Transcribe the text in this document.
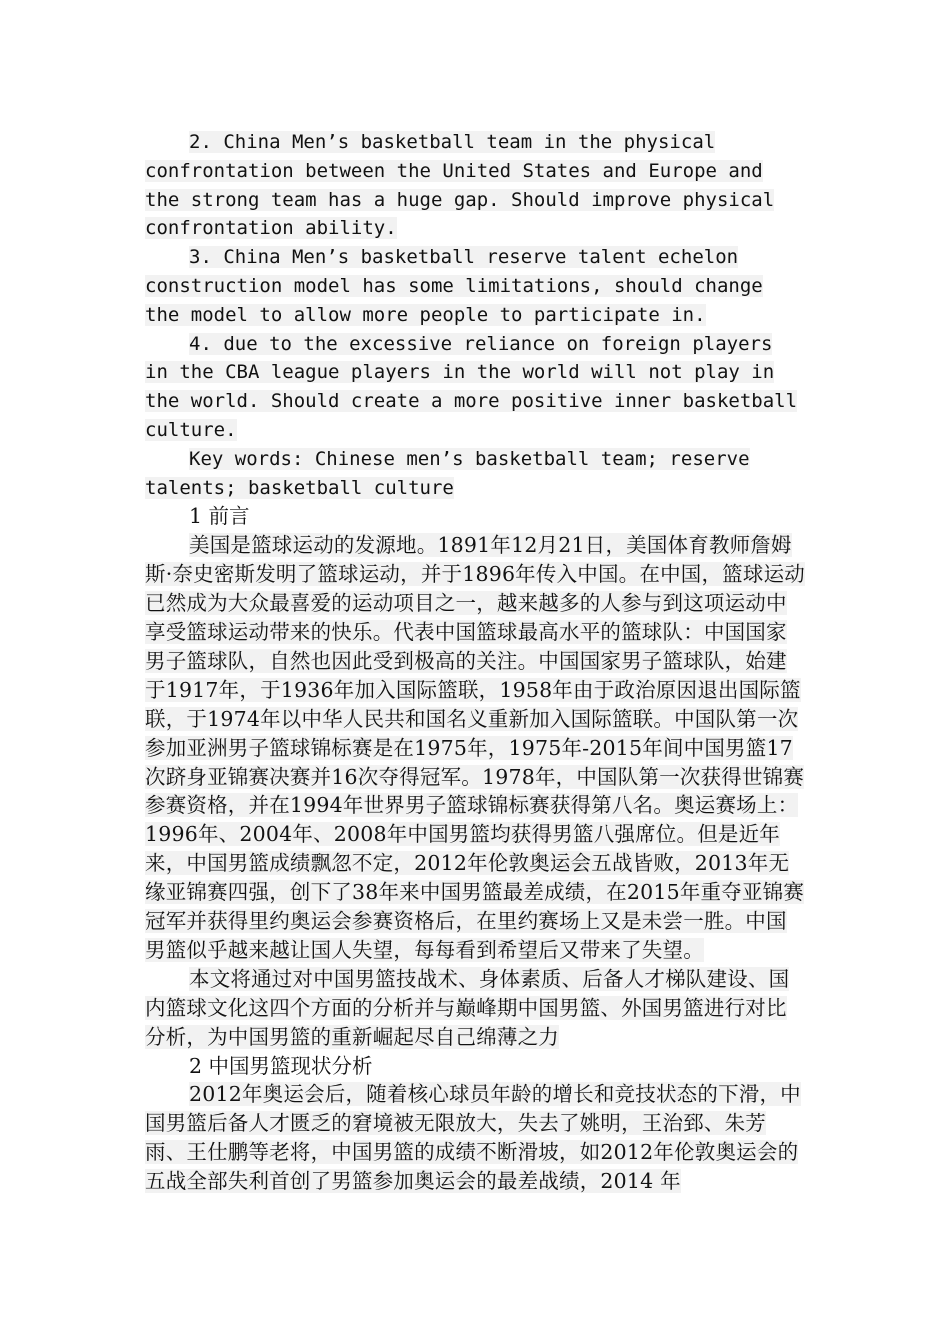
2. China Men’s basketball team in the physical confrontation between the United States and Europe and the strong team has a huge gap. Should improve physical confrontation ability.

3. China Men’s basketball reserve talent echelon construction model has some limitations, should change the model to allow more people to participate in.

4. due to the excessive reliance on foreign players in the CBA league players in the world will not play in the world. Should create a more positive inner basketball culture.

Key words: Chinese men’s basketball team; reserve talents; basketball culture

1 前言

美国是篮球运动的发源地。1891年12月21日，美国体育教师詹姆斯·奈史密斯发明了篮球运动，并于1896年传入中国。在中国，篮球运动已然成为大众最喜爱的运动项目之一，越来越多的人参与到这项运动中享受篮球运动带来的快乐。代表中国篮球最高水平的篮球队：中国国家男子篮球队，自然也因此受到极高的关注。中国国家男子篮球队，始建于1917年，于1936年加入国际篮联，1958年由于政治原因退出国际篮联，于1974年以中华人民共和国名义重新加入国际篮联。中国队第一次参加亚洲男子篮球锦标赛是在1975年，1975年-2015年间中国男篮17次跻身亚锦赛决赛并16次夺得冠军。1978年，中国队第一次获得世锦赛参赛资格，并在1994年世界男子篮球锦标赛获得第八名。奥运赛场上：1996年、2004年、2008年中国男篮均获得男篮八强席位。但是近年来，中国男篮成绩飘忽不定，2012年伦敦奥运会五战皆败，2013年无缘亚锦赛四强，创下了38年来中国男篮最差成绩，在2015年重夺亚锦赛冠军并获得里约奥运会参赛资格后，在里约赛场上又是未尝一胜。中国男篮似乎越来越让国人失望，每每看到希望后又带来了失望。

本文将通过对中国男篮技战术、身体素质、后备人才梯队建设、国内篮球文化这四个方面的分析并与巅峰期中国男篮、外国男篮进行对比分析，为中国男篮的重新崛起尽自己绵薄之力

2 中国男篮现状分析

2012年奥运会后，随着核心球员年龄的增长和竞技状态的下滑，中国男篮后备人才匮乏的窘境被无限放大，失去了姚明，王治郅、朱芳雨、王仕鹏等老将，中国男篮的成绩不断滑坡，如2012年伦敦奥运会的五战全部失利首创了男篮参加奥运会的最差战绩，2014 年
